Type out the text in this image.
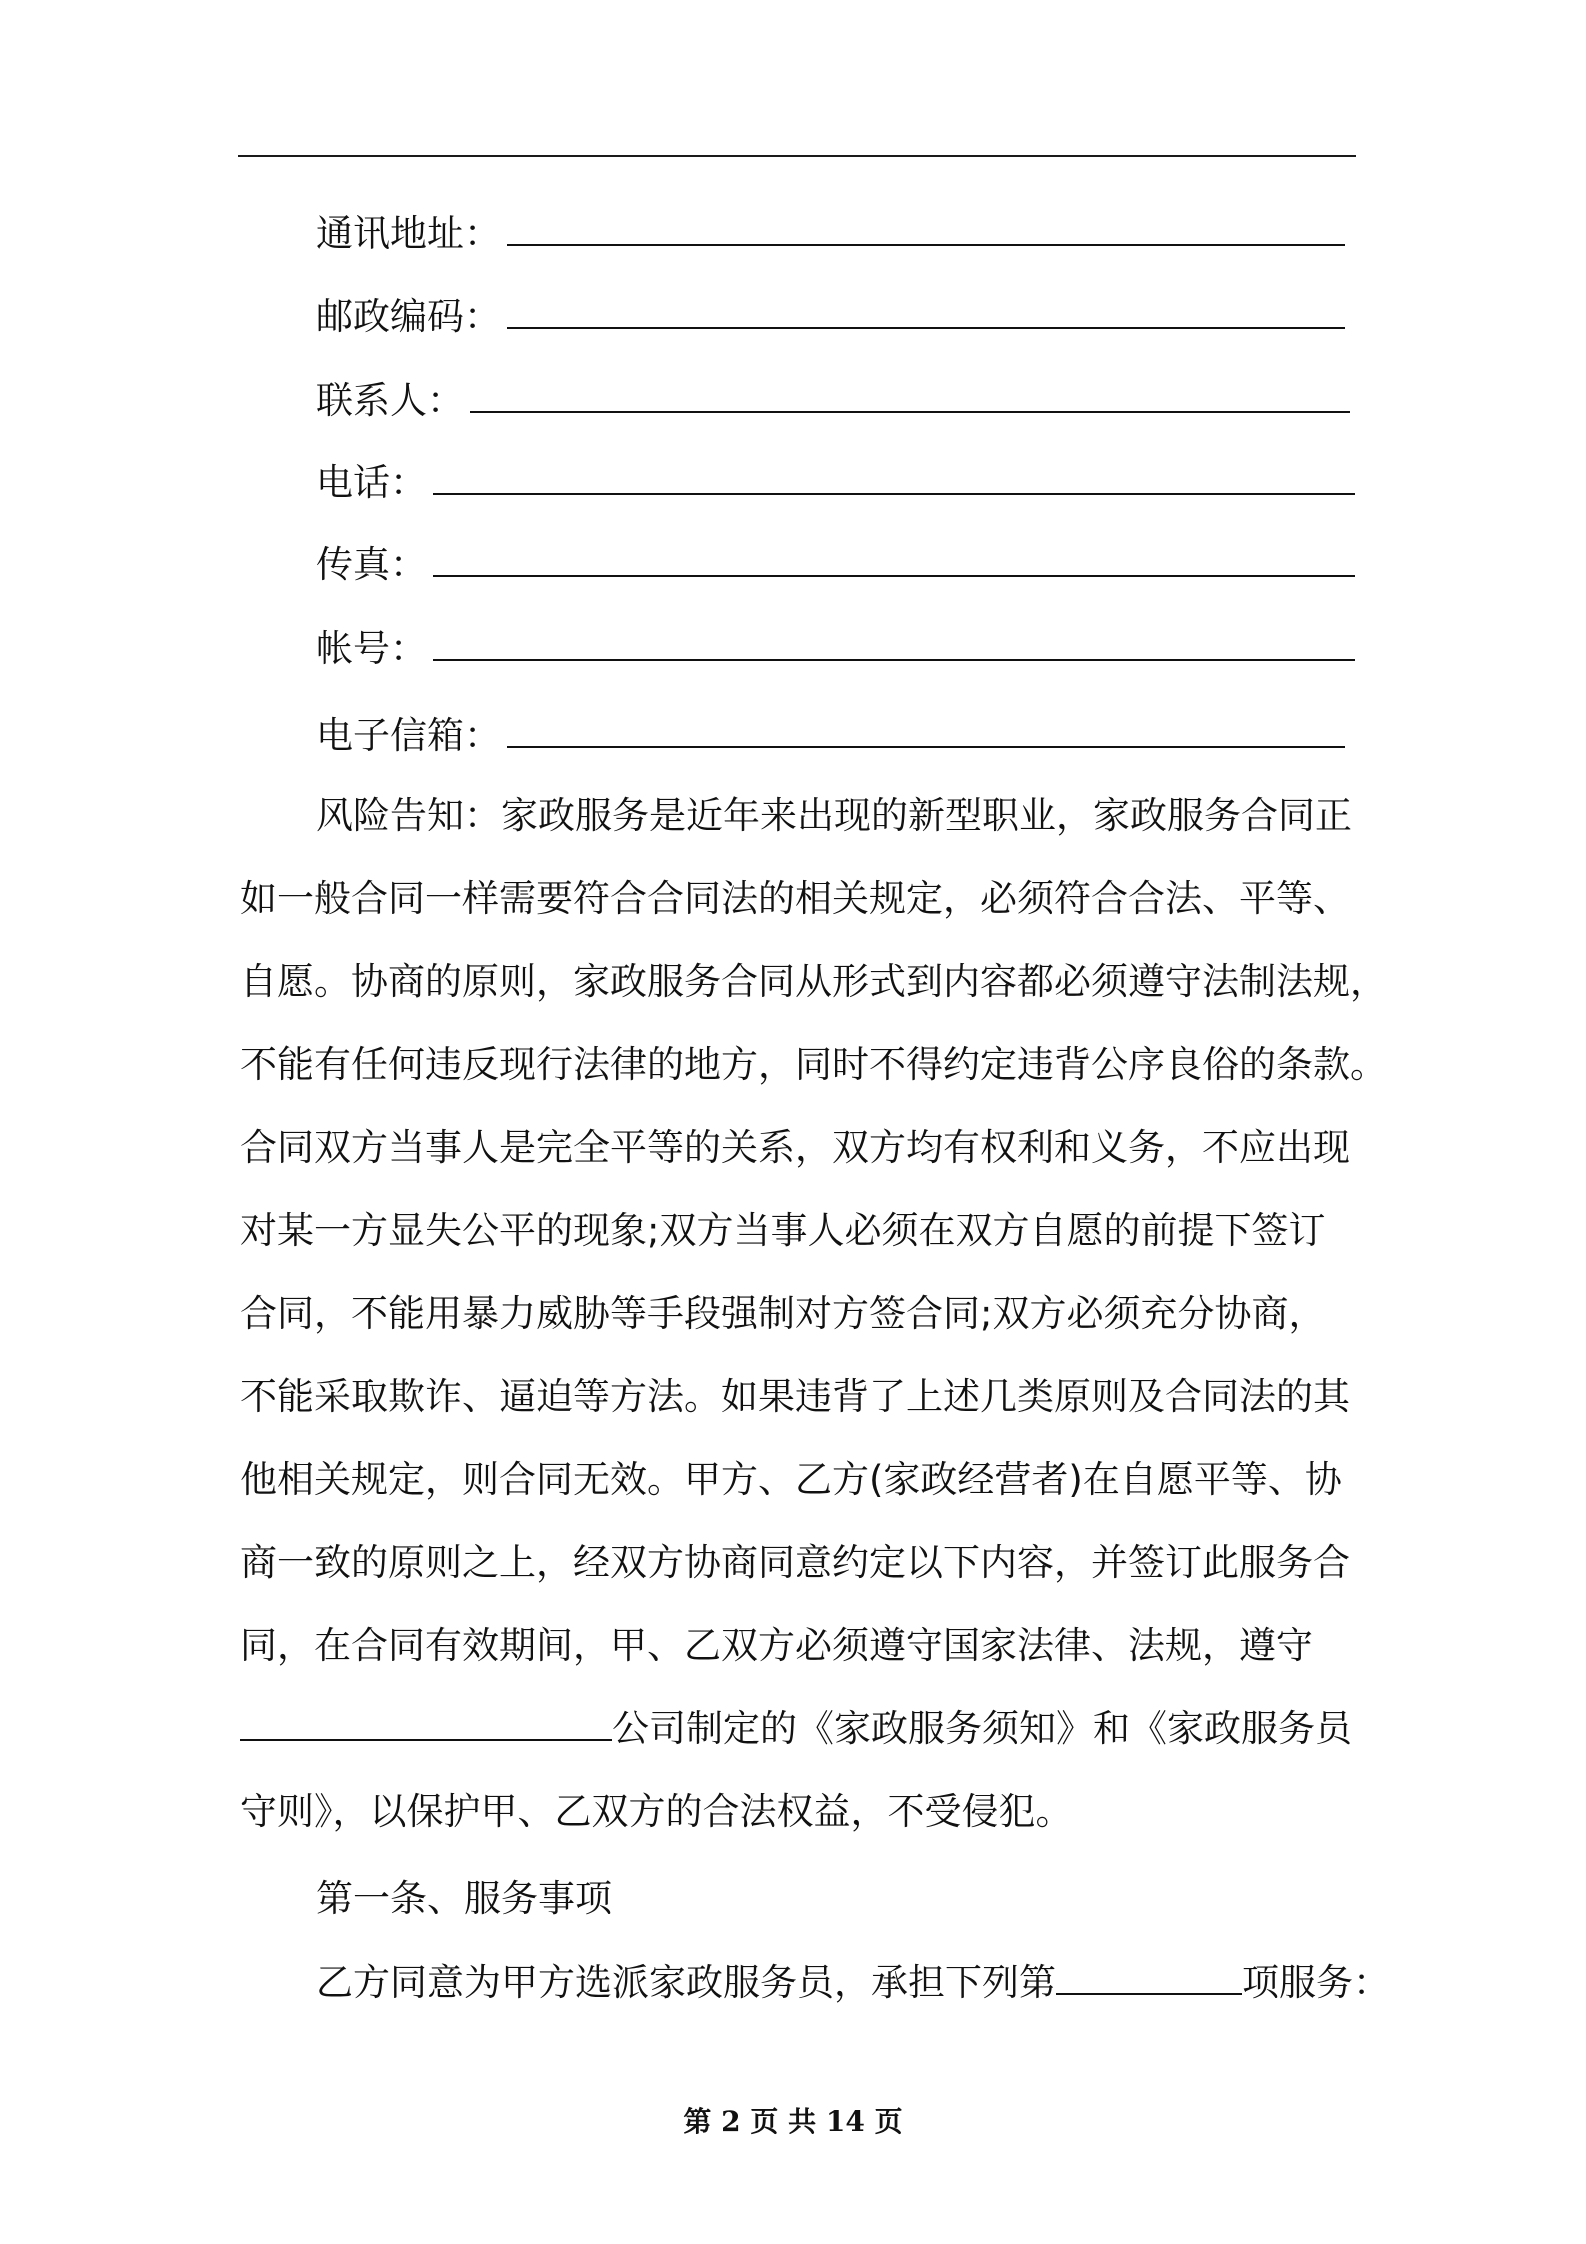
通讯地址：
邮政编码：
联系人：
电话：
传真：
帐号：
电子信箱：
风险告知：家政服务是近年来出现的新型职业，家政服务合同正
如一般合同一样需要符合合同法的相关规定，必须符合合法、平等、
自愿。协商的原则，家政服务合同从形式到内容都必须遵守法制法规，
不能有任何违反现行法律的地方，同时不得约定违背公序良俗的条款。
合同双方当事人是完全平等的关系，双方均有权利和义务，不应出现
对某一方显失公平的现象;双方当事人必须在双方自愿的前提下签订
合同，不能用暴力威胁等手段强制对方签合同;双方必须充分协商，
不能采取欺诈、逼迫等方法。如果违背了上述几类原则及合同法的其
他相关规定，则合同无效。甲方、乙方(家政经营者)在自愿平等、协
商一致的原则之上，经双方协商同意约定以下内容，并签订此服务合
同，在合同有效期间，甲、乙双方必须遵守国家法律、法规，遵守
公司制定的《家政服务须知》和《家政服务员
守则》，以保护甲、乙双方的合法权益，不受侵犯。
第一条、服务事项
乙方同意为甲方选派家政服务员，承担下列第	项服务：
第 2 页 共 14 页
